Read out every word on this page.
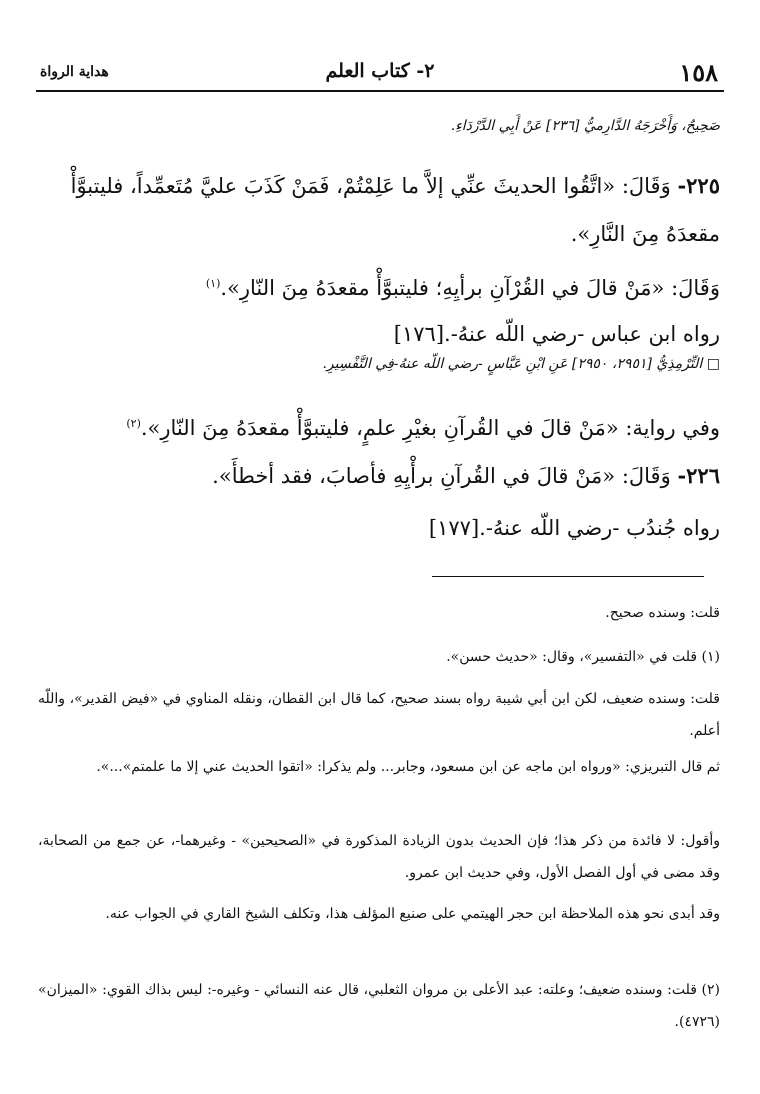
١٥٨
٢- كتاب العلم
هداية الرواة
صَحِيحٌ، وَأَخْرَجَهُ الدَّارِميُّ [٢٣٦] عَنْ أَبِي الدَّرْدَاءِ.
٢٢٥- وَقَالَ: «اتَّقُوا الحديثَ عنِّي إلاَّ ما عَلِمْتُمْ، فَمَنْ كَذَبَ عليَّ مُتَعمِّداً، فليتبوَّأْ مقعدَهُ مِنَ النَّارِ».
وَقَالَ: «مَنْ قالَ في القُرْآنِ برأيِهِ؛ فليتبوَّأْ مقعدَهُ مِنَ النّارِ».$^{(١)}$
رواه ابن عباس -رضي اللّه عنهُ-.[١٧٦]
□ التِّرْمِذِيُّ [٢٩٥١، ٢٩٥٠] عَنِ ابْنِ عَبَّاسٍ -رضي اللّه عنهُ-فِي التَّفْسِيرِ.
وفي رواية: «مَنْ قالَ في القُرآنِ بغيْرِ علمٍ، فليتبوَّأْ مقعدَهُ مِنَ النّارِ».$^{(٢)}$
٢٢٦- وَقَالَ: «مَنْ قالَ في القُرآنِ برأْيِهِ فأصابَ، فقد أخطأَ».
رواه جُندُب -رضي اللّه عنهُ-.[١٧٧]
قلت: وسنده صحيح.
(١) قلت في «التفسير»، وقال: «حديث حسن».
قلت: وسنده ضعيف، لكن ابن أبي شيبة رواه بسند صحيح، كما قال ابن القطان، ونقله المناوي في «فيض القدير»، واللّه أعلم.
ثم قال التبريزي: «ورواه ابن ماجه عن ابن مسعود، وجابر... ولم يذكرا: «اتقوا الحديث عني إلا ما علمتم»...».
وأقول: لا فائدة من ذكر هذا؛ فإن الحديث بدون الزيادة المذكورة في «الصحيحين» - وغيرهما-، عن جمع من الصحابة، وقد مضى في أول الفصل الأول، وفي حديث ابن عمرو.
وقد أبدى نحو هذه الملاحظة ابن حجر الهيتمي على صنيع المؤلف هذا، وتكلف الشيخ القاري في الجواب عنه.
(٢) قلت: وسنده ضعيف؛ وعلته: عبد الأعلى بن مروان الثعلبي، قال عنه النسائي - وغيره-: ليس بذاك القوي: «الميزان» (٤٧٢٦).
